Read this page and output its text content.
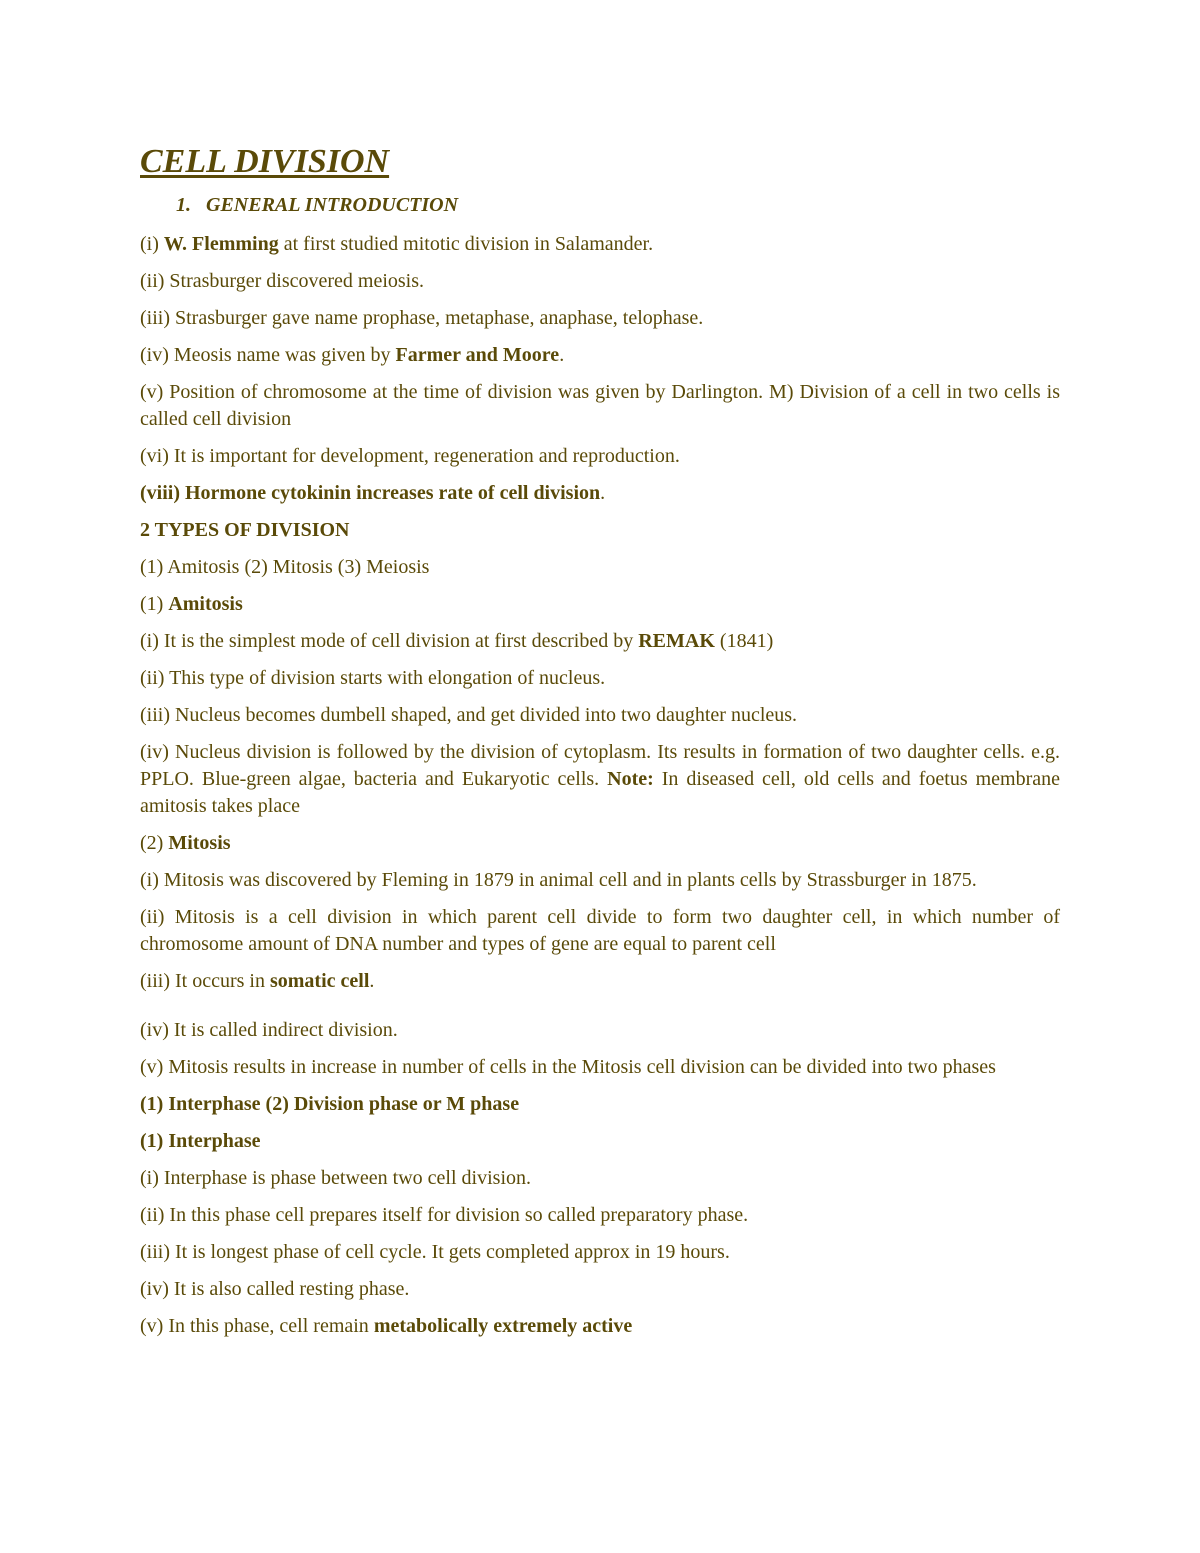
CELL DIVISION
1. GENERAL INTRODUCTION

(i) W. Flemming at first studied mitotic division in Salamander.

(ii) Strasburger discovered meiosis.

(iii) Strasburger gave name prophase, metaphase, anaphase, telophase.

(iv) Meosis name was given by Farmer and Moore.

(v) Position of chromosome at the time of division was given by Darlington. M) Division of a cell in two cells is called cell division

(vi) It is important for development, regeneration and reproduction.

(viii) Hormone cytokinin increases rate of cell division.

2 TYPES OF DIVISION

(1) Amitosis (2) Mitosis (3) Meiosis

(1) Amitosis

(i) It is the simplest mode of cell division at first described by REMAK (1841)

(ii) This type of division starts with elongation of nucleus.

(iii) Nucleus becomes dumbell shaped, and get divided into two daughter nucleus.

(iv) Nucleus division is followed by the division of cytoplasm. Its results in formation of two daughter cells. e.g. PPLO. Blue-green algae, bacteria and Eukaryotic cells. Note: In diseased cell, old cells and foetus membrane amitosis takes place

(2) Mitosis

(i) Mitosis was discovered by Fleming in 1879 in animal cell and in plants cells by Strassburger in 1875.

(ii) Mitosis is a cell division in which parent cell divide to form two daughter cell, in which number of chromosome amount of DNA number and types of gene are equal to parent cell

(iii) It occurs in somatic cell.

(iv) It is called indirect division.

(v) Mitosis results in increase in number of cells in the Mitosis cell division can be divided into two phases

(1) Interphase (2) Division phase or M phase

(1) Interphase

(i) Interphase is phase between two cell division.

(ii) In this phase cell prepares itself for division so called preparatory phase.

(iii) It is longest phase of cell cycle. It gets completed approx in 19 hours.

(iv) It is also called resting phase.

(v) In this phase, cell remain metabolically extremely active
